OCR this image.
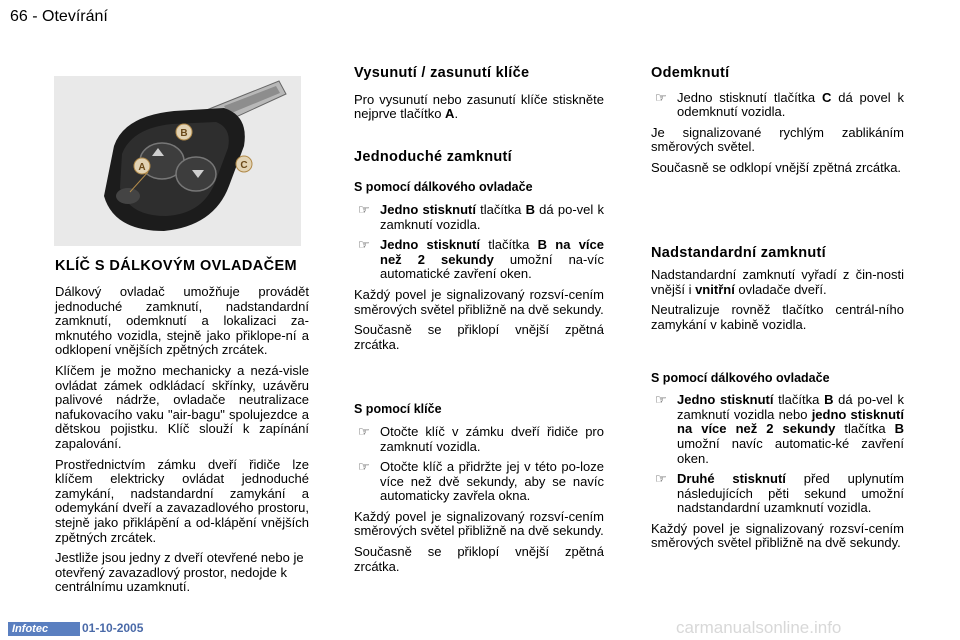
66 - Otevírání
B
C
A
KLÍČ S DÁLKOVÝM OVLADAČEM

Dálkový ovladač umožňuje provádět jednoduché zamknutí, nadstandardní zamknutí, odemknutí a lokalizaci za-mknutého vozidla, stejně jako přiklope-ní a odklopení vnějších zpětných zrcátek.

Klíčem je možno mechanicky a nezá-visle ovládat zámek odkládací skřínky, uzávěru palivové nádrže, ovladače neutralizace nafukovacího vaku "air-bagu" spolujezdce a dětskou pojistku. Klíč slouží k zapínání zapalování.

Prostřednictvím zámku dveří řidiče lze klíčem elektricky ovládat jednoduché zamykání, nadstandardní zamykání a odemykání dveří a zavazadlového prostoru, stejně jako přiklápění a od-klápění vnějších zpětných zrcátek.

Jestliže jsou jedny z dveří otevřené nebo je otevřený zavazadlový prostor, nedojde k centrálnímu uzamknutí.

Vysunutí / zasunutí klíče

Pro vysunutí nebo zasunutí klíče stiskněte nejprve tlačítko A.

Jednoduché zamknutí
S pomocí dálkového ovladače
☞ Jedno stisknutí tlačítka B dá po-vel k zamknutí vozidla.
☞ Jedno stisknutí tlačítka B na více než 2 sekundy umožní na-víc automatické zavření oken.

Každý povel je signalizovaný rozsví-cením směrových světel přibližně na dvě sekundy.

Současně se přiklopí vnější zpětná zrcátka.

S pomocí klíče
☞ Otočte klíč v zámku dveří řidiče pro zamknutí vozidla.
☞ Otočte klíč a přidržte jej v této po-loze více než dvě sekundy, aby se navíc automaticky zavřela okna.

Každý povel je signalizovaný rozsví-cením směrových světel přibližně na dvě sekundy.

Současně se přiklopí vnější zpětná zrcátka.

Odemknutí
☞ Jedno stisknutí tlačítka C dá povel k odemknutí vozidla.

Je signalizované rychlým zablikáním směrových světel.

Současně se odklopí vnější zpětná zrcátka.

Nadstandardní zamknutí

Nadstandardní zamknutí vyřadí z čin-nosti vnější i vnitřní ovladače dveří.

Neutralizuje rovněž tlačítko centrál-ního zamykání v kabině vozidla.

S pomocí dálkového ovladače
☞ Jedno stisknutí tlačítka B dá po-vel k zamknutí vozidla nebo jedno stisknutí na více než 2 sekundy tlačítka B umožní navíc automatic-ké zavření oken.
☞ Druhé stisknutí před uplynutím následujících pěti sekund umožní nadstandardní uzamknutí vozidla.

Každý povel je signalizovaný rozsví-cením směrových světel přibližně na dvě sekundy.

Infotec	01-10-2005	carmanualsonline.info
